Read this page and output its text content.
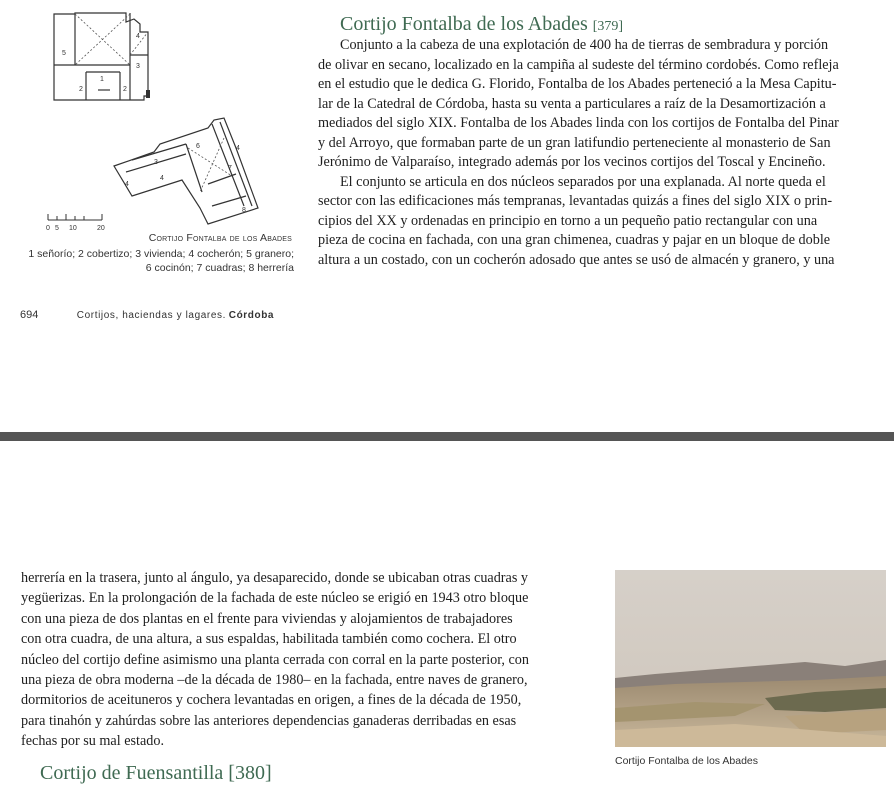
1
2	2
3
4
5
3
4
4
6	4
7
8
0 5 10	20
Cortijo Fontalba de los Abades
1 señorío; 2 cobertizo; 3 vivienda; 4 cocherón; 5 granero;
6 cocinón; 7 cuadras; 8 herrería
Cortijo Fontalba de los Abades [379]

Conjunto a la cabeza de una explotación de 400 ha de tierras de sembradura y porción

de olivar en secano, localizado en la campiña al sudeste del término cordobés. Como refleja

en el estudio que le dedica G. Florido, Fontalba de los Abades perteneció a la Mesa Capitu-

lar de la Catedral de Córdoba, hasta su venta a particulares a raíz de la Desamortización a

mediados del siglo XIX. Fontalba de los Abades linda con los cortijos de Fontalba del Pinar

y del Arroyo, que formaban parte de un gran latifundio perteneciente al monasterio de San

Jerónimo de Valparaíso, integrado además por los vecinos cortijos del Toscal y Encineño.

El conjunto se articula en dos núcleos separados por una explanada. Al norte queda el

sector con las edificaciones más tempranas, levantadas quizás a fines del siglo XIX o prin-

cipios del XX y ordenadas en principio en torno a un pequeño patio rectangular con una

pieza de cocina en fachada, con una gran chimenea, cuadras y pajar en un bloque de doble

altura a un costado, con un cocherón adosado que antes se usó de almacén y granero, y una

694	Cortijos, haciendas y lagares. Córdoba

herrería en la trasera, junto al ángulo, ya desaparecido, donde se ubicaban otras cuadras y

yegüerizas. En la prolongación de la fachada de este núcleo se erigió en 1943 otro bloque

con una pieza de dos plantas en el frente para viviendas y alojamientos de trabajadores

con otra cuadra, de una altura, a sus espaldas, habilitada también como cochera. El otro

núcleo del cortijo define asimismo una planta cerrada con corral en la parte posterior, con

una pieza de obra moderna –de la década de 1980– en la fachada, entre naves de granero,

dormitorios de aceituneros y cochera levantadas en origen, a fines de la década de 1950,

para tinahón y zahúrdas sobre las anteriores dependencias ganaderas derribadas en esas

fechas por su mal estado.

Cortijo Fontalba de los Abades
Cortijo de Fuensantilla [380]
